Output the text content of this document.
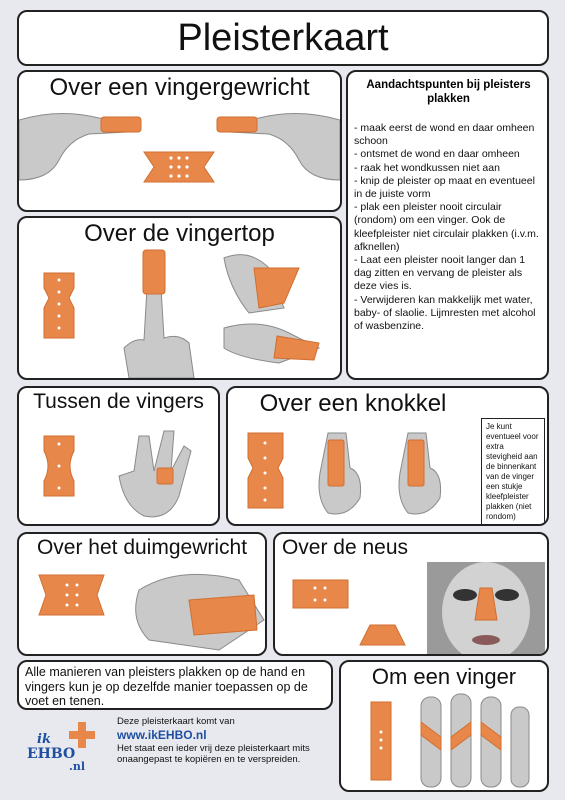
Pleisterkaart
Over een vingergewricht	Aandachtspunten bij pleisters plakken
- maak eerst de wond en daar omheen schoon
- ontsmet de wond en daar omheen
- raak het wondkussen niet aan
- knip de pleister op maat en eventueel in de juiste vorm
- plak een pleister nooit circulair (rondom) om een vinger. Ook de kleefpleister niet circulair plakken (i.v.m. afknellen)
- Laat een pleister nooit langer dan 1 dag zitten en vervang de pleister als deze vies is.
- Verwijderen kan makkelijk met water, baby- of slaolie. Lijmresten met alcohol of wasbenzine.
Over de vingertop
Tussen de vingers	Over een knokkel
Je kunt eventueel voor extra stevigheid aan de binnenkant van de vinger een stukje kleefpleister plakken (niet rondom)
Over het duimgewricht	Over de neus
Alle manieren van pleisters plakken op de hand en vingers kun je op dezelfde manier toepassen op de voet en tenen.
Om een vinger
ik
EHBO
.nl
Deze pleisterkaart komt van
www.ikEHBO.nl
Het staat een ieder vrij deze pleisterkaart mits onaangepast te kopiëren en te verspreiden.
